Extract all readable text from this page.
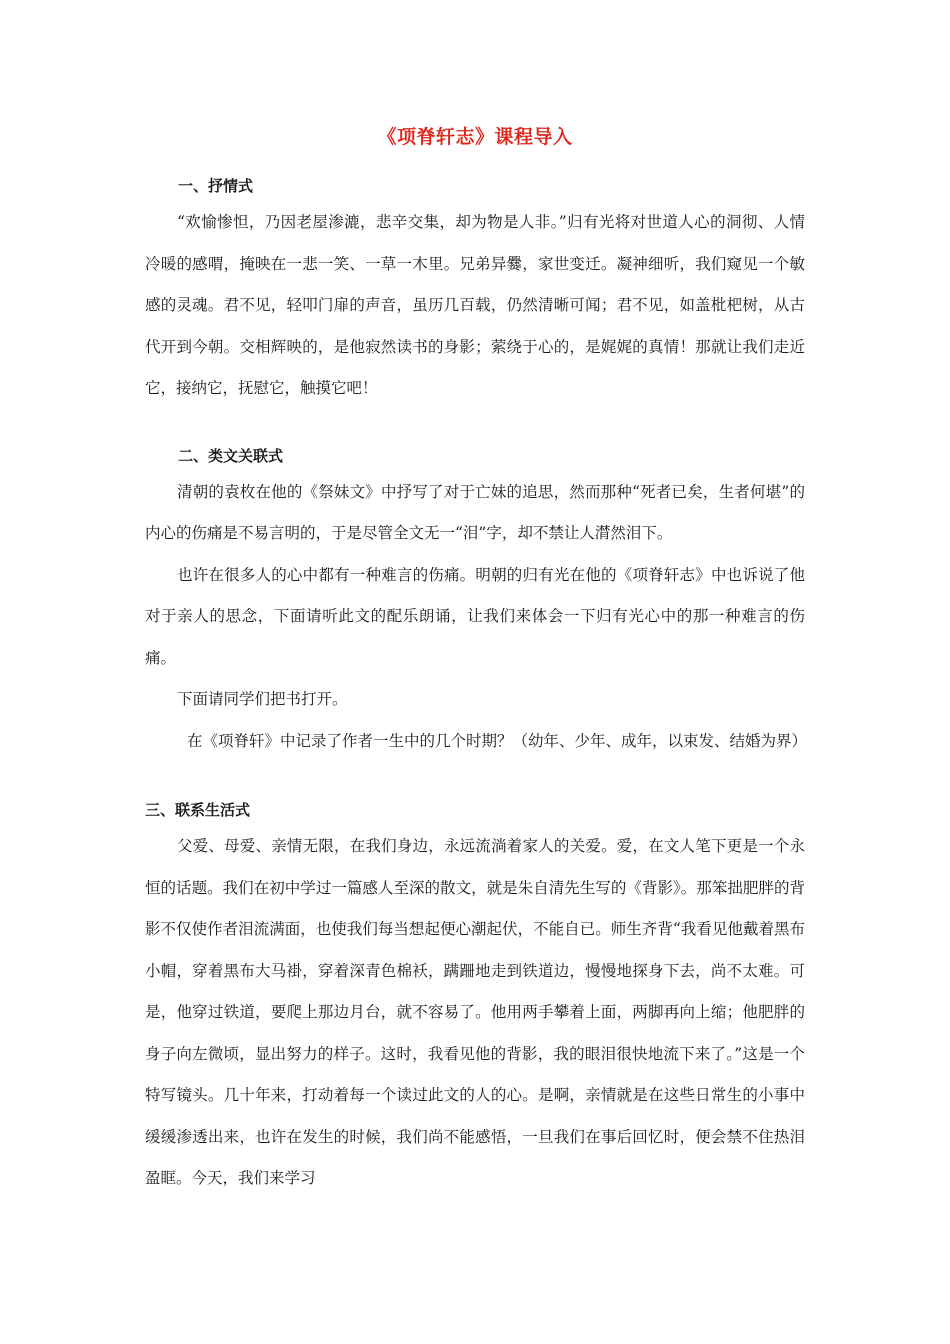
《项脊轩志》课程导入
一、抒情式

“欢愉惨怛，乃因老屋渗漉，悲辛交集，却为物是人非。”归有光将对世道人心的洞彻、人情冷暖的感喟，掩映在一悲一笑、一草一木里。兄弟异爨，家世变迁。凝神细听，我们窥见一个敏感的灵魂。君不见，轻叩门扉的声音，虽历几百载，仍然清晰可闻；君不见，如盖枇杷树，从古代开到今朝。交相辉映的，是他寂然读书的身影；萦绕于心的，是娓娓的真情！那就让我们走近它，接纳它，抚慰它，触摸它吧！

二、类文关联式

清朝的袁枚在他的《祭妹文》中抒写了对于亡妹的追思，然而那种“死者已矣，生者何堪”的内心的伤痛是不易言明的，于是尽管全文无一“泪”字，却不禁让人潸然泪下。

也许在很多人的心中都有一种难言的伤痛。明朝的归有光在他的《项脊轩志》中也诉说了他对于亲人的思念，下面请听此文的配乐朗诵，让我们来体会一下归有光心中的那一种难言的伤痛。

下面请同学们把书打开。

在《项脊轩》中记录了作者一生中的几个时期？（幼年、少年、成年，以束发、结婚为界）

三、联系生活式

父爱、母爱、亲情无限，在我们身边，永远流淌着家人的关爱。爱，在文人笔下更是一个永恒的话题。我们在初中学过一篇感人至深的散文，就是朱自清先生写的《背影》。那笨拙肥胖的背影不仅使作者泪流满面，也使我们每当想起便心潮起伏，不能自已。师生齐背“我看见他戴着黑布小帽，穿着黑布大马褂，穿着深青色棉袄，蹒跚地走到铁道边，慢慢地探身下去，尚不太难。可是，他穿过铁道，要爬上那边月台，就不容易了。他用两手攀着上面，两脚再向上缩；他肥胖的身子向左微顷，显出努力的样子。这时，我看见他的背影，我的眼泪很快地流下来了。”这是一个特写镜头。几十年来，打动着每一个读过此文的人的心。是啊，亲情就是在这些日常生的小事中缓缓渗透出来，也许在发生的时候，我们尚不能感悟，一旦我们在事后回忆时，便会禁不住热泪盈眶。今天，我们来学习
